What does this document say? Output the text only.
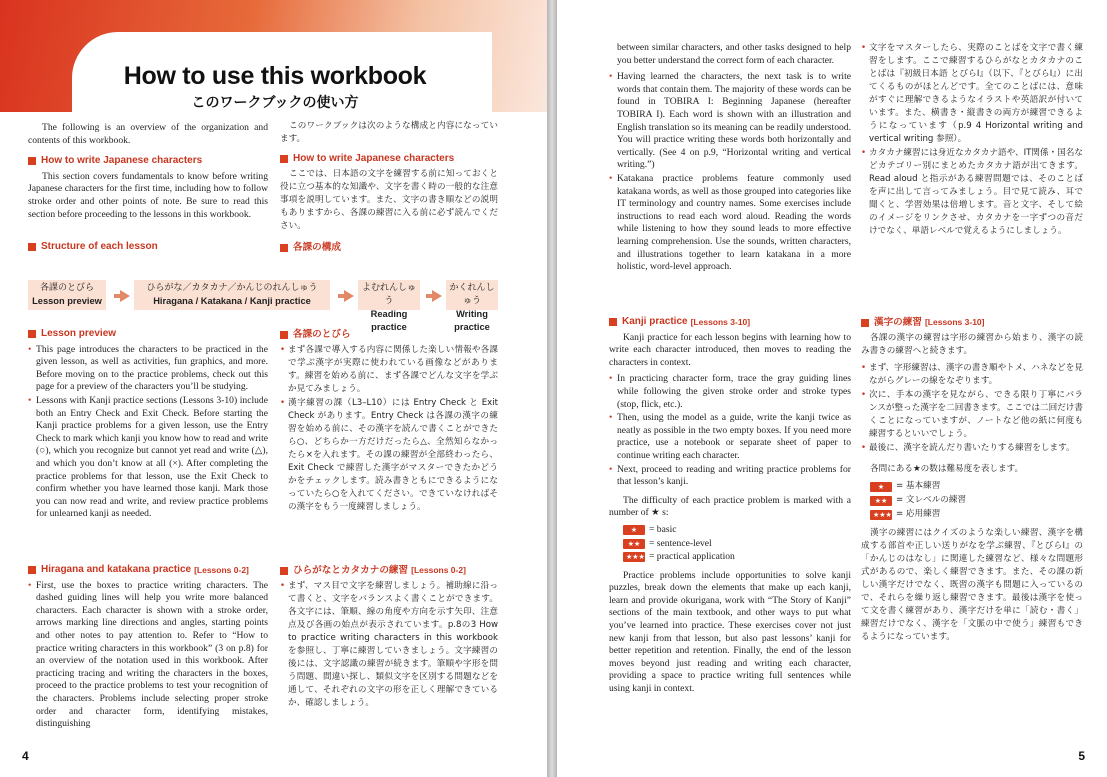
How to use this workbook
このワークブックの使い方

The following is an overview of the organization and contents of this workbook.

How to write Japanese characters

This section covers fundamentals to know before writing Japanese characters for the first time, including how to follow stroke order and other points of note. Be sure to read this section before proceeding to the lessons in this workbook.

Structure of each lesson

このワークブックは次のような構成と内容になっています。

How to write Japanese characters

ここでは、日本語の文字を練習する前に知っておくと役に立つ基本的な知識や、文字を書く時の一般的な注意事項を説明しています。また、文字の書き順などの説明もありますから、各課の練習に入る前に必ず読んでください。

各課の構成
各課のとびら
Lesson preview
ひらがな／カタカナ／かんじのれんしゅう
Hiragana / Katakana / Kanji practice
よむれんしゅう
Reading practice
かくれんしゅう
Writing practice
Lesson preview
• This page introduces the characters to be practiced in the given lesson, as well as activities, fun graphics, and more. Before moving on to the practice problems, check out this page for a preview of the characters you’ll be studying.
• Lessons with Kanji practice sections (Lessons 3-10) include both an Entry Check and Exit Check. Before starting the Kanji practice problems for a given lesson, use the Entry Check to mark which kanji you know how to read and write (○), which you recognize but cannot yet read and write (△), and which you don’t know at all (×). After completing the practice problems for that lesson, use the Exit Check to confirm whether you have learned those kanji. Mark those you can now read and write, and review practice problems for unlearned kanji as needed.
各課のとびら
• まず各課で導入する内容に関係した楽しい情報や各課で学ぶ漢字が実際に使われている画像などがあります。練習を始める前に、まず各課でどんな文字を学ぶか見てみましょう。
• 漢字練習の課（L3–L10）には Entry Check と Exit Check があります。Entry Check は各課の漢字の練習を始める前に、その漢字を読んで書くことができたら○、どちらか一方だけだったら△、全然知らなかったら×を入れます。その課の練習が全部終わったら、Exit Check で練習した漢字がマスターできたかどうかをチェックします。読み書きともにできるようになっていたら○を入れてください。できていなければその漢字をもう一度練習しましょう。
Hiragana and katakana practice [Lessons 0-2]
• First, use the boxes to practice writing characters. The dashed guiding lines will help you write more balanced characters. Each character is shown with a stroke order, arrows marking line directions and angles, starting points and other notes to pay attention to. Refer to “How to practice writing characters in this workbook” (3 on p.8) for an overview of the notation used in this workbook. After practicing tracing and writing the characters in the boxes, proceed to the practice problems to test your recognition of the characters. Problems include selecting proper stroke order and character form, identifying mistakes, distinguishing
ひらがなとカタカナの練習 [Lessons 0-2]
• まず、マス目で文字を練習しましょう。補助線に沿って書くと、文字をバランスよく書くことができます。各文字には、筆順、線の角度や方向を示す矢印、注意点及び各画の始点が表示されています。p.8の3 How to practice writing characters in this workbook を参照し、丁寧に練習していきましょう。文字練習の後には、文字認識の練習が続きます。筆順や字形を問う問題、間違い探し、類似文字を区別する問題などを通して、それぞれの文字の形を正しく理解できているか、確認しましょう。
4

between similar characters, and other tasks designed to help you better understand the correct form of each character.

• Having learned the characters, the next task is to write words that contain them. The majority of these words can be found in TOBIRA I: Beginning Japanese (hereafter TOBIRA I). Each word is shown with an illustration and English translation so its meaning can be readily understood. You will practice writing these words both horizontally and vertically. (See 4 on p.9, “Horizontal writing and vertical writing.”)
• Katakana practice problems feature commonly used katakana words, as well as those grouped into categories like IT terminology and country names. Some exercises include instructions to read each word aloud. Reading the words while listening to how they sound leads to more effective learning comprehension. Use the sounds, written characters, and illustrations together to learn katakana in a more holistic, word-level approach.
• 文字をマスターしたら、実際のことばを文字で書く練習をします。ここで練習するひらがなとカタカナのことばは『初級日本語 とびらⅠ』（以下、『とびらⅠ』）に出てくるものがほとんどです。全てのことばには、意味がすぐに理解できるようなイラストや英語訳が付いています。また、横書き・縦書きの両方が練習できるようになっています（p.9 4 Horizontal writing and vertical writing 参照）。
• カタカナ練習には身近なカタカナ語や、IT関係・国名などカテゴリー別にまとめたカタカナ語が出てきます。Read aloud と指示がある練習問題では、そのことばを声に出して言ってみましょう。目で見て読み、耳で聞くと、学習効果は倍増します。音と文字、そして絵のイメージをリンクさせ、カタカナを一字ずつの音だけでなく、単語レベルで覚えるようにしましょう。
Kanji practice [Lessons 3-10]

Kanji practice for each lesson begins with learning how to write each character introduced, then moves to reading the characters in context.

• In practicing character form, trace the gray guiding lines while following the given stroke order and stroke types (stop, flick, etc.).
• Then, using the model as a guide, write the kanji twice as neatly as possible in the two empty boxes. If you need more practice, use a notebook or separate sheet of paper to continue writing each character.
• Next, proceed to reading and writing practice problems for that lesson’s kanji.

The difficulty of each practice problem is marked with a number of ★ s:

★	= basic
★★ = sentence-level
★★★ = practical application

Practice problems include opportunities to solve kanji puzzles, break down the elements that make up each kanji, learn and provide okurigana, work with “The Story of Kanji” sections of the main textbook, and other ways to put what you’ve learned into practice. These exercises cover not just new kanji from that lesson, but also past lessons’ kanji for better repetition and retention. Finally, the end of the lesson moves beyond just reading and writing each character, providing a space to practice writing full sentences while using kanji in context.

漢字の練習 [Lessons 3-10]

各課の漢字の練習は字形の練習から始まり、漢字の読み書きの練習へと続きます。

• まず、字形練習は、漢字の書き順やトメ、ハネなどを見ながらグレーの線をなぞります。
• 次に、手本の漢字を見ながら、できる限り丁寧にバランスが整った漢字を二回書きます。ここでは二回だけ書くことになっていますが、ノートなど他の紙に何度も練習するといいでしょう。
• 最後に、漢字を読んだり書いたりする練習をします。

各問にある★の数は難易度を表します。

★	= 基本練習
★★	= 文レベルの練習
★★★ = 応用練習

漢字の練習にはクイズのような楽しい練習、漢字を構成する部首や正しい送りがなを学ぶ練習、『とびらⅠ』の「かんじのはなし」に関連した練習など、様々な問題形式があるので、楽しく練習できます。また、その課の新しい漢字だけでなく、既習の漢字も問題に入っているので、それらを繰り返し練習できます。最後は漢字を使って文を書く練習があり、漢字だけを単に「読む・書く」練習だけでなく、漢字を「文脈の中で使う」練習もできるようになっています。

5
